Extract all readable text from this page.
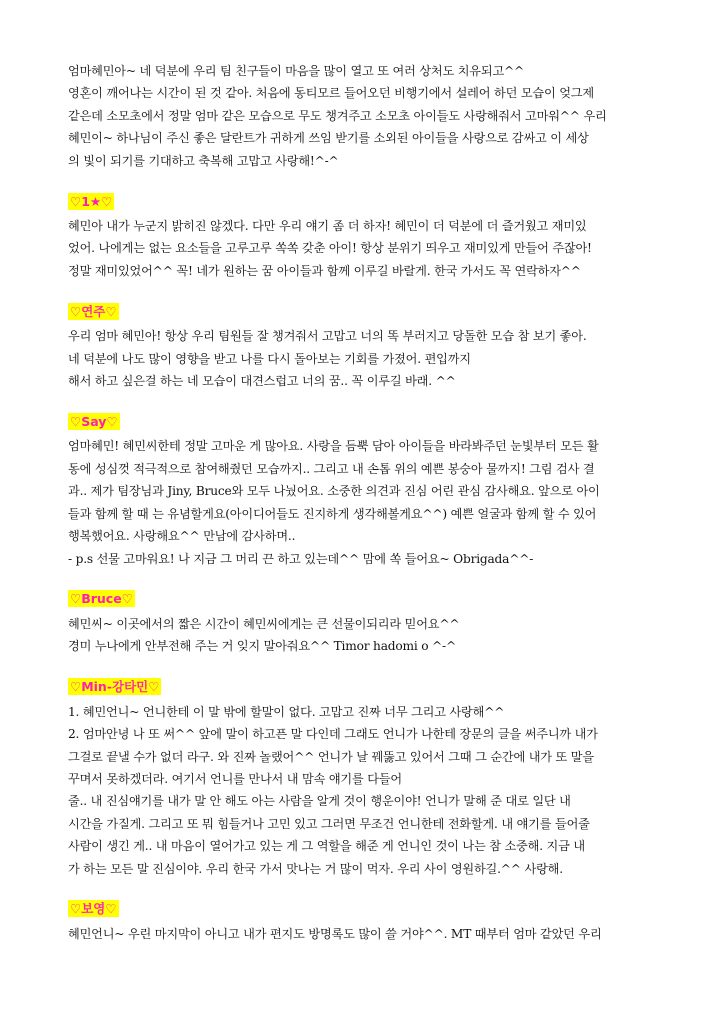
엄마혜민아~ 네 덕분에 우리 팀 친구들이 마음을 많이 열고 또 여러 상처도 치유되고^^
영혼이 깨어나는 시간이 된 것 같아. 처음에 동티모르 들어오던 비행기에서 설레어 하던 모습이 엊그제
같은데 소모초에서 정말 엄마 같은 모습으로 무도 챙겨주고 소모초 아이들도 사랑해줘서 고마워^^ 우리
혜민이~ 하나님이 주신 좋은 달란트가 귀하게 쓰임 받기를 소외된 아이들을 사랑으로 감싸고 이 세상
의 빛이 되기를 기대하고 축복해 고맙고 사랑해!^-^
♡1★♡
혜민아 내가 누군지 밝히진 않겠다. 다만 우리 얘기 좀 더 하자! 혜민이 더 덕분에 더 즐거웠고 재미있
었어. 나에게는 없는 요소들을 고루고루 쏙쏙 갖춘 아이! 항상 분위기 띄우고 재미있게 만들어 주잖아!
정말 재미있었어^^ 꼭! 네가 원하는 꿈 아이들과 함께 이루길 바랄게. 한국 가서도 꼭 연락하자^^
♡연주♡
우리 엄마 혜민아! 항상 우리 팀원들 잘 챙겨줘서 고맙고 너의 똑 부러지고 당돌한 모습 참 보기 좋아.
네 덕분에 나도 많이 영향을 받고 나를 다시 돌아보는 기회를 가졌어. 편입까지
해서 하고 싶은걸 하는 네 모습이 대견스럽고 너의 꿈.. 꼭 이루길 바래. ^^
♡Say♡
엄마혜민! 혜민씨한테 정말 고마운 게 많아요. 사랑을 듬뿍 담아 아이들을 바라봐주던 눈빛부터 모든 활
동에 성심껏 적극적으로 참여해줬던 모습까지.. 그리고 내 손톱 위의 예쁜 봉숭아 물까지! 그림 검사 결
과.. 제가 팀장님과 Jiny, Bruce와 모두 나눴어요. 소중한 의견과 진심 어린 관심 감사해요. 앞으로 아이
들과 함께 할 때 는 유념할게요(아이디어들도 진지하게 생각해볼게요^^) 예쁜 얼굴과 함께 할 수 있어
행복했어요. 사랑해요^^ 만남에 감사하며..
- p.s 선물 고마워요! 나 지금 그 머리 끈 하고 있는데^^ 맘에 쏙 들어요~ Obrigada^^-
♡Bruce♡
혜민씨~ 이곳에서의 짧은 시간이 혜민씨에게는 큰 선물이되리라 믿어요^^
경미 누나에게 안부전해 주는 거 잊지 말아줘요^^ Timor hadomi o ^-^
♡Min-강타민♡
1. 혜민언니~ 언니한테 이 말 밖에 할말이 없다. 고맙고 진짜 너무 그리고 사랑해^^
2. 엄마안녕 나 또 써^^ 앞에 말이 하고픈 말 다인데 그래도 언니가 나한테 장문의 글을 써주니까 내가
그걸로 끝낼 수가 없더 라구. 와 진짜 놀랬어^^ 언니가 날 꿰뚫고 있어서 그때 그 순간에 내가 또 말을
꾸며서 못하겠더라. 여기서 언니를 만나서 내 맘속 얘기를 다들어
줄.. 내 진심얘기를 내가 말 안 해도 아는 사람을 알게 것이 행운이야! 언니가 말해 준 대로 일단 내
시간을 가질게. 그리고 또 뭐 힘들거나 고민 있고 그러면 무조건 언니한테 전화할게. 내 얘기를 들어줄
사람이 생긴 게.. 내 마음이 열어가고 있는 게 그 역할을 해준 게 언니인 것이 나는 참 소중해. 지금 내
가 하는 모든 말 진심이야. 우리 한국 가서 맛나는 거 많이 먹자. 우리 사이 영원하길.^^ 사랑해.
♡보영♡
혜민언니~ 우린 마지막이 아니고 내가 편지도 방명록도 많이 쓸 거야^^. MT 때부터 엄마 같았던 우리
